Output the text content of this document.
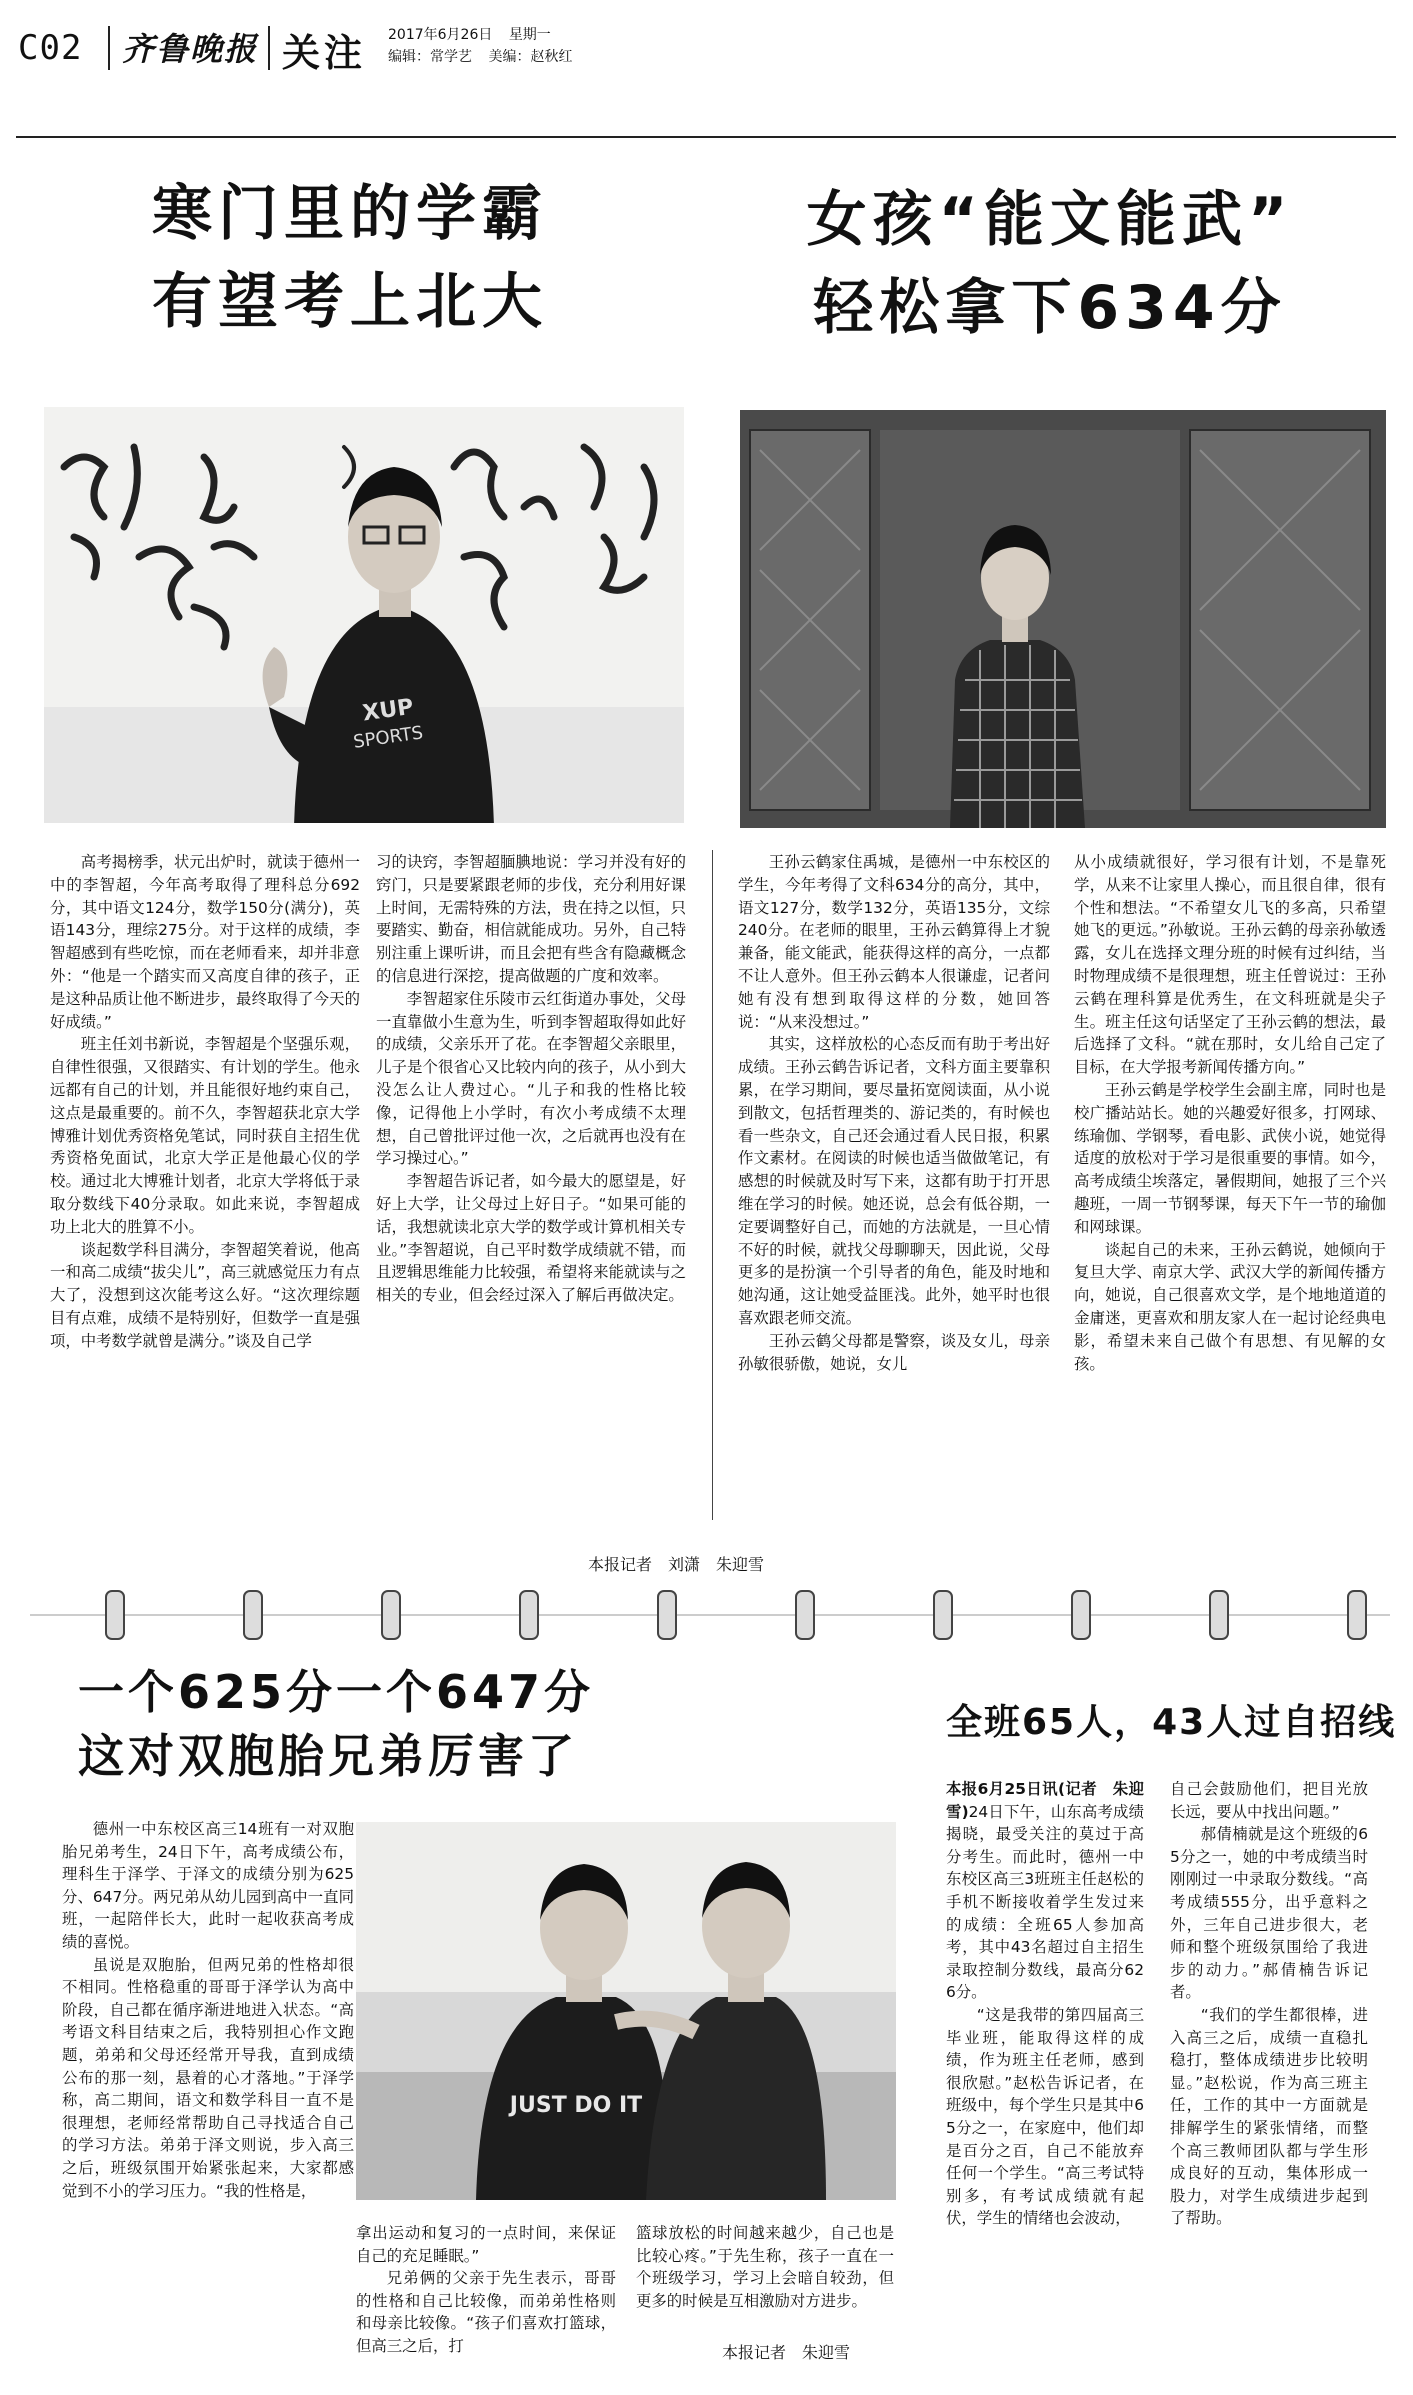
C02 齐鲁晚报 关注 2017年6月26日 星期一
编辑：常学艺 美编：赵秋红
寒门里的学霸
有望考上北大
女孩“能文能武”
轻松拿下634分
XUP
SPORTS

高考揭榜季，状元出炉时，就读于德州一中的李智超，今年高考取得了理科总分692分，其中语文124分，数学150分(满分)，英语143分，理综275分。对于这样的成绩，李智超感到有些吃惊，而在老师看来，却并非意外：“他是一个踏实而又高度自律的孩子，正是这种品质让他不断进步，最终取得了今天的好成绩。”

班主任刘书新说，李智超是个坚强乐观，自律性很强，又很踏实、有计划的学生。他永远都有自己的计划，并且能很好地约束自己，这点是最重要的。前不久，李智超获北京大学博雅计划优秀资格免笔试，同时获自主招生优秀资格免面试，北京大学正是他最心仪的学校。通过北大博雅计划者，北京大学将低于录取分数线下40分录取。如此来说，李智超成功上北大的胜算不小。

谈起数学科目满分，李智超笑着说，他高一和高二成绩“拔尖儿”，高三就感觉压力有点大了，没想到这次能考这么好。“这次理综题目有点难，成绩不是特别好，但数学一直是强项，中考数学就曾是满分。”谈及自己学

习的诀窍，李智超腼腆地说：学习并没有好的窍门，只是要紧跟老师的步伐，充分利用好课上时间，无需特殊的方法，贵在持之以恒，只要踏实、勤奋，相信就能成功。另外，自己特别注重上课听讲，而且会把有些含有隐藏概念的信息进行深挖，提高做题的广度和效率。

李智超家住乐陵市云红街道办事处，父母一直靠做小生意为生，听到李智超取得如此好的成绩，父亲乐开了花。在李智超父亲眼里，儿子是个很省心又比较内向的孩子，从小到大没怎么让人费过心。“儿子和我的性格比较像，记得他上小学时，有次小考成绩不太理想，自己曾批评过他一次，之后就再也没有在学习操过心。”

李智超告诉记者，如今最大的愿望是，好好上大学，让父母过上好日子。“如果可能的话，我想就读北京大学的数学或计算机相关专业。”李智超说，自己平时数学成绩就不错，而且逻辑思维能力比较强，希望将来能就读与之相关的专业，但会经过深入了解后再做决定。

王孙云鹤家住禹城，是德州一中东校区的学生，今年考得了文科634分的高分，其中，语文127分，数学132分，英语135分，文综240分。在老师的眼里，王孙云鹤算得上才貌兼备，能文能武，能获得这样的高分，一点都不让人意外。但王孙云鹤本人很谦虚，记者问她有没有想到取得这样的分数，她回答说：“从来没想过。”

其实，这样放松的心态反而有助于考出好成绩。王孙云鹤告诉记者，文科方面主要靠积累，在学习期间，要尽量拓宽阅读面，从小说到散文，包括哲理类的、游记类的，有时候也看一些杂文，自己还会通过看人民日报，积累作文素材。在阅读的时候也适当做做笔记，有感想的时候就及时写下来，这都有助于打开思维在学习的时候。她还说，总会有低谷期，一定要调整好自己，而她的方法就是，一旦心情不好的时候，就找父母聊聊天，因此说，父母更多的是扮演一个引导者的角色，能及时地和她沟通，这让她受益匪浅。此外，她平时也很喜欢跟老师交流。

王孙云鹤父母都是警察，谈及女儿，母亲孙敏很骄傲，她说，女儿

从小成绩就很好，学习很有计划，不是靠死学，从来不让家里人操心，而且很自律，很有个性和想法。“不希望女儿飞的多高，只希望她飞的更远。”孙敏说。王孙云鹤的母亲孙敏透露，女儿在选择文理分班的时候有过纠结，当时物理成绩不是很理想，班主任曾说过：王孙云鹤在理科算是优秀生，在文科班就是尖子生。班主任这句话坚定了王孙云鹤的想法，最后选择了文科。“就在那时，女儿给自己定了目标，在大学报考新闻传播方向。”

王孙云鹤是学校学生会副主席，同时也是校广播站站长。她的兴趣爱好很多，打网球、练瑜伽、学钢琴，看电影、武侠小说，她觉得适度的放松对于学习是很重要的事情。如今，高考成绩尘埃落定，暑假期间，她报了三个兴趣班，一周一节钢琴课，每天下午一节的瑜伽和网球课。

谈起自己的未来，王孙云鹤说，她倾向于复旦大学、南京大学、武汉大学的新闻传播方向，她说，自己很喜欢文学，是个地地道道的金庸迷，更喜欢和朋友家人在一起讨论经典电影，希望未来自己做个有思想、有见解的女孩。

本报记者　刘潇　朱迎雪
一个625分一个647分
这对双胞胎兄弟厉害了

德州一中东校区高三14班有一对双胞胎兄弟考生，24日下午，高考成绩公布，理科生于泽学、于泽文的成绩分别为625分、647分。两兄弟从幼儿园到高中一直同班，一起陪伴长大，此时一起收获高考成绩的喜悦。

虽说是双胞胎，但两兄弟的性格却很不相同。性格稳重的哥哥于泽学认为高中阶段，自己都在循序渐进地进入状态。“高考语文科目结束之后，我特别担心作文跑题，弟弟和父母还经常开导我，直到成绩公布的那一刻，悬着的心才落地。”于泽学称，高二期间，语文和数学科目一直不是很理想，老师经常帮助自己寻找适合自己的学习方法。弟弟于泽文则说，步入高三之后，班级氛围开始紧张起来，大家都感觉到不小的学习压力。“我的性格是，

JUST DO IT

拿出运动和复习的一点时间，来保证自己的充足睡眠。”

兄弟俩的父亲于先生表示，哥哥的性格和自己比较像，而弟弟性格则和母亲比较像。“孩子们喜欢打篮球，但高三之后，打

篮球放松的时间越来越少，自己也是比较心疼。”于先生称，孩子一直在一个班级学习，学习上会暗自较劲，但更多的时候是互相激励对方进步。

本报记者　朱迎雪
全班65人，43人过自招线

本报6月25日讯(记者　朱迎雪)24日下午，山东高考成绩揭晓，最受关注的莫过于高分考生。而此时，德州一中东校区高三3班班主任赵松的手机不断接收着学生发过来的成绩：全班65人参加高考，其中43名超过自主招生录取控制分数线，最高分626分。

“这是我带的第四届高三毕业班，能取得这样的成绩，作为班主任老师，感到很欣慰。”赵松告诉记者，在班级中，每个学生只是其中65分之一，在家庭中，他们却是百分之百，自己不能放弃任何一个学生。“高三考试特别多，有考试成绩就有起伏，学生的情绪也会波动，

自己会鼓励他们，把目光放长远，要从中找出问题。”

郝倩楠就是这个班级的65分之一，她的中考成绩当时刚刚过一中录取分数线。“高考成绩555分，出乎意料之外，三年自己进步很大，老师和整个班级氛围给了我进步的动力。”郝倩楠告诉记者。

“我们的学生都很棒，进入高三之后，成绩一直稳扎稳打，整体成绩进步比较明显。”赵松说，作为高三班主任，工作的其中一方面就是排解学生的紧张情绪，而整个高三教师团队都与学生形成良好的互动，集体形成一股力，对学生成绩进步起到了帮助。
